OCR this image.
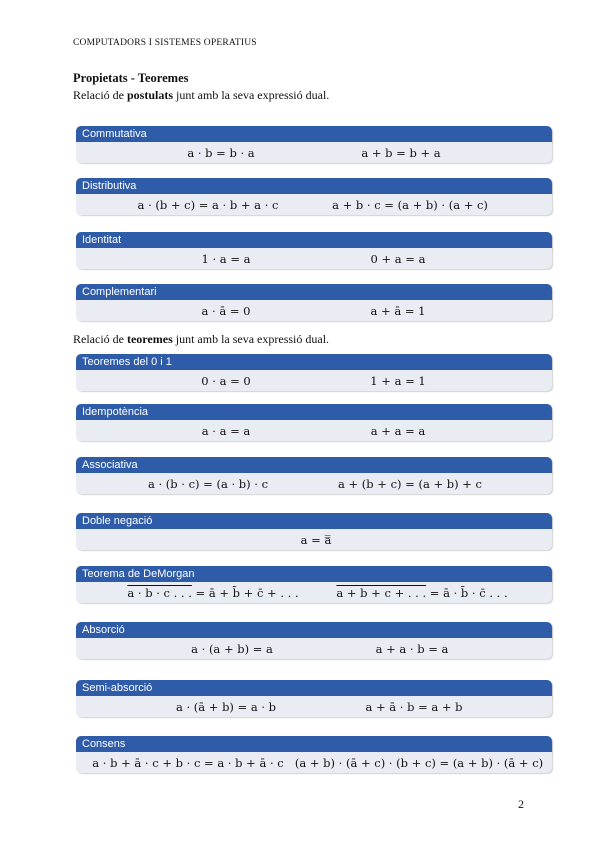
COMPUTADORS I SISTEMES OPERATIUS
Propietats - Teoremes
Relació de postulats junt amb la seva expressió dual.
Commutativa
a · b = b · a	a + b = b + a
Distributiva
a · (b + c) = a · b + a · c	a + b · c = (a + b) · (a + c)
Identitat
1 · a = a	0 + a = a
Complementari
a · ā = 0	a + ā = 1
Relació de teoremes junt amb la seva expressió dual.
Teoremes del 0 i 1
0 · a = 0	1 + a = 1
Idempotència
a · a = a	a + a = a
Associativa
a · (b · c) = (a · b) · c	a + (b + c) = (a + b) + c
Doble negació
a = a̿
Teorema de DeMorgan
a · b · c . . . = ā + b̄ + c̄ + . . .	a + b + c + . . . = ā · b̄ · c̄ . . .
Absorció
a · (a + b) = a	a + a · b = a
Semi-absorció
a · (ā + b) = a · b	a + ā · b = a + b
Consens
a · b + ā · c + b · c = a · b + ā · c (a + b) · (ā + c) · (b + c) = (a + b) · (ā + c)
2
